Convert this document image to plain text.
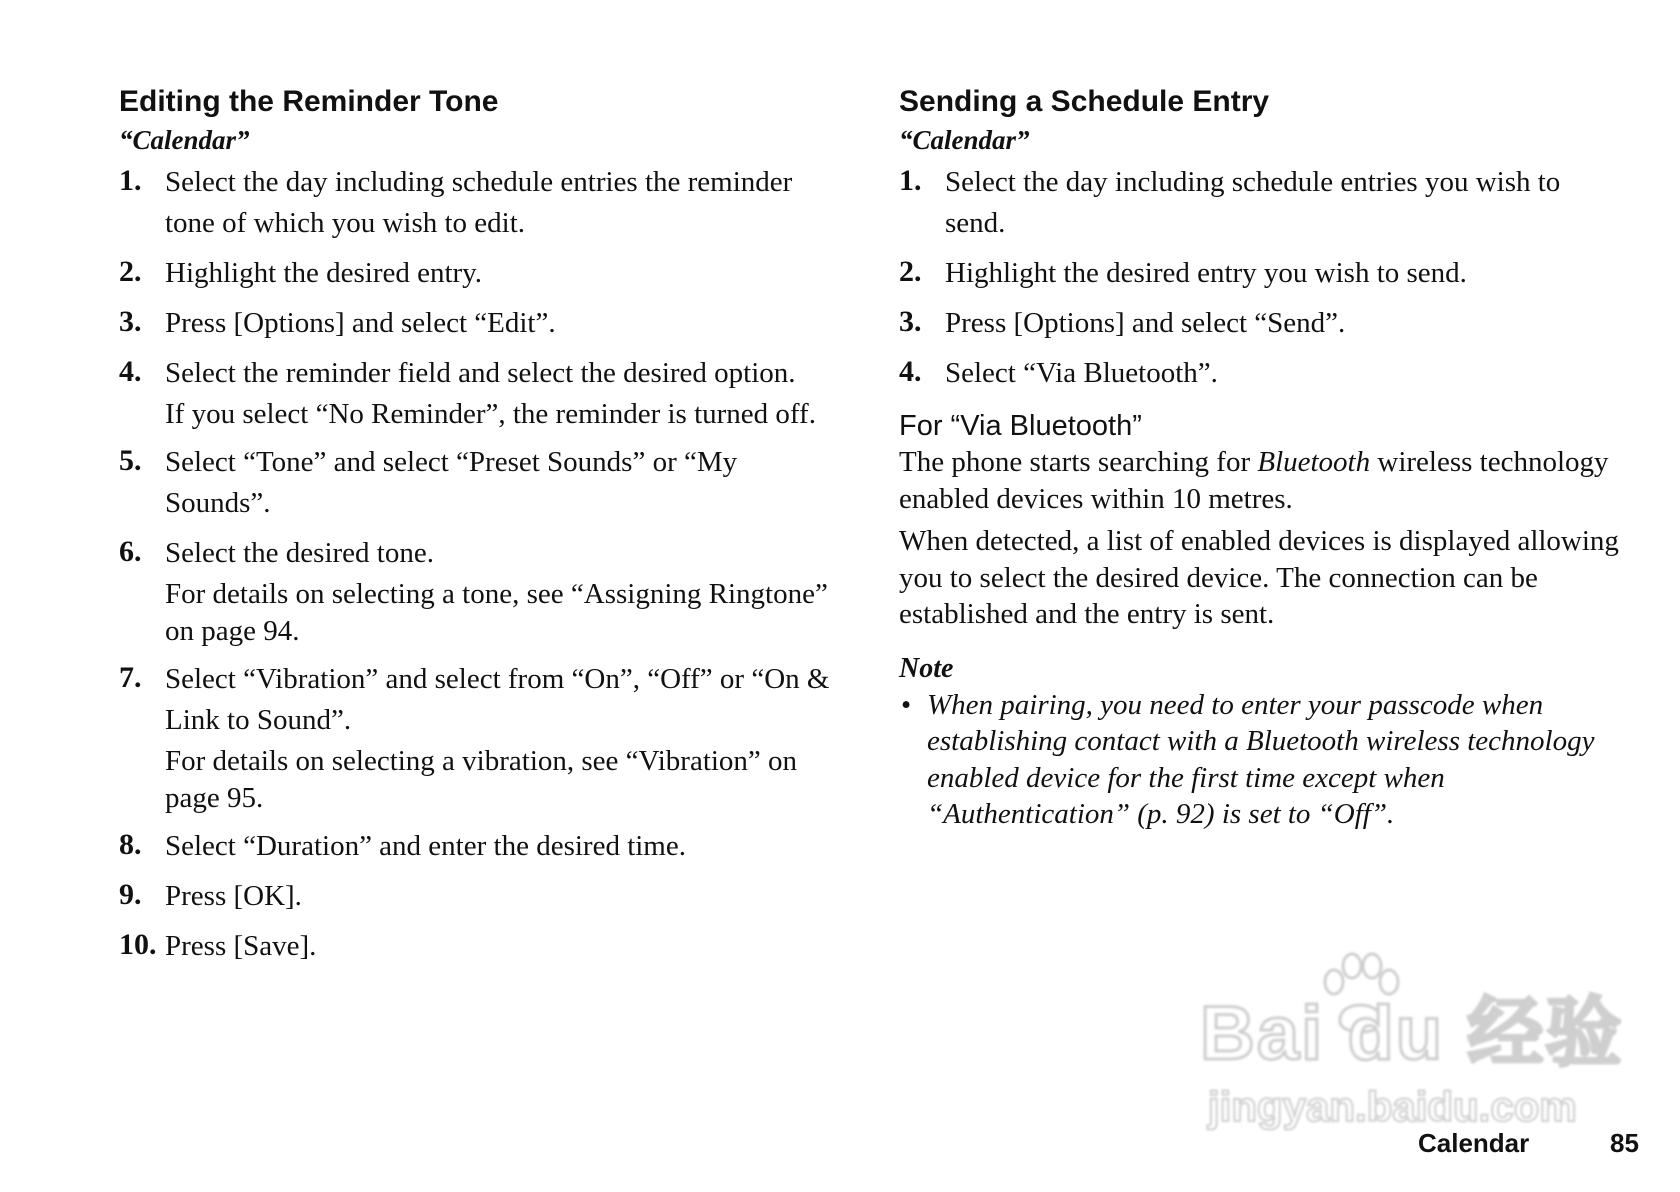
Editing the Reminder Tone
“Calendar”
1. Select the day including schedule entries the reminder tone of which you wish to edit.
2. Highlight the desired entry.
3. Press [Options] and select “Edit”.
4. Select the reminder field and select the desired option.
If you select “No Reminder”, the reminder is turned off.
5. Select “Tone” and select “Preset Sounds” or “My Sounds”.
6. Select the desired tone.
For details on selecting a tone, see “Assigning Ringtone” on page 94.
7. Select “Vibration” and select from “On”, “Off” or “On & Link to Sound”.
For details on selecting a vibration, see “Vibration” on page 95.
8. Select “Duration” and enter the desired time.
9. Press [OK].
10. Press [Save].
Sending a Schedule Entry
“Calendar”
1. Select the day including schedule entries you wish to send.
2. Highlight the desired entry you wish to send.
3. Press [Options] and select “Send”.
4. Select “Via Bluetooth”.
For “Via Bluetooth”

The phone starts searching for Bluetooth wireless technology enabled devices within 10 metres.

When detected, a list of enabled devices is displayed allowing you to select the desired device. The connection can be established and the entry is sent.

Note
• When pairing, you need to enter your passcode when establishing contact with a Bluetooth wireless technology enabled device for the first time except when “Authentication” (p. 92) is set to “Off”.
Bai du 经验
jingyan.baidu.com
Calendar	85
